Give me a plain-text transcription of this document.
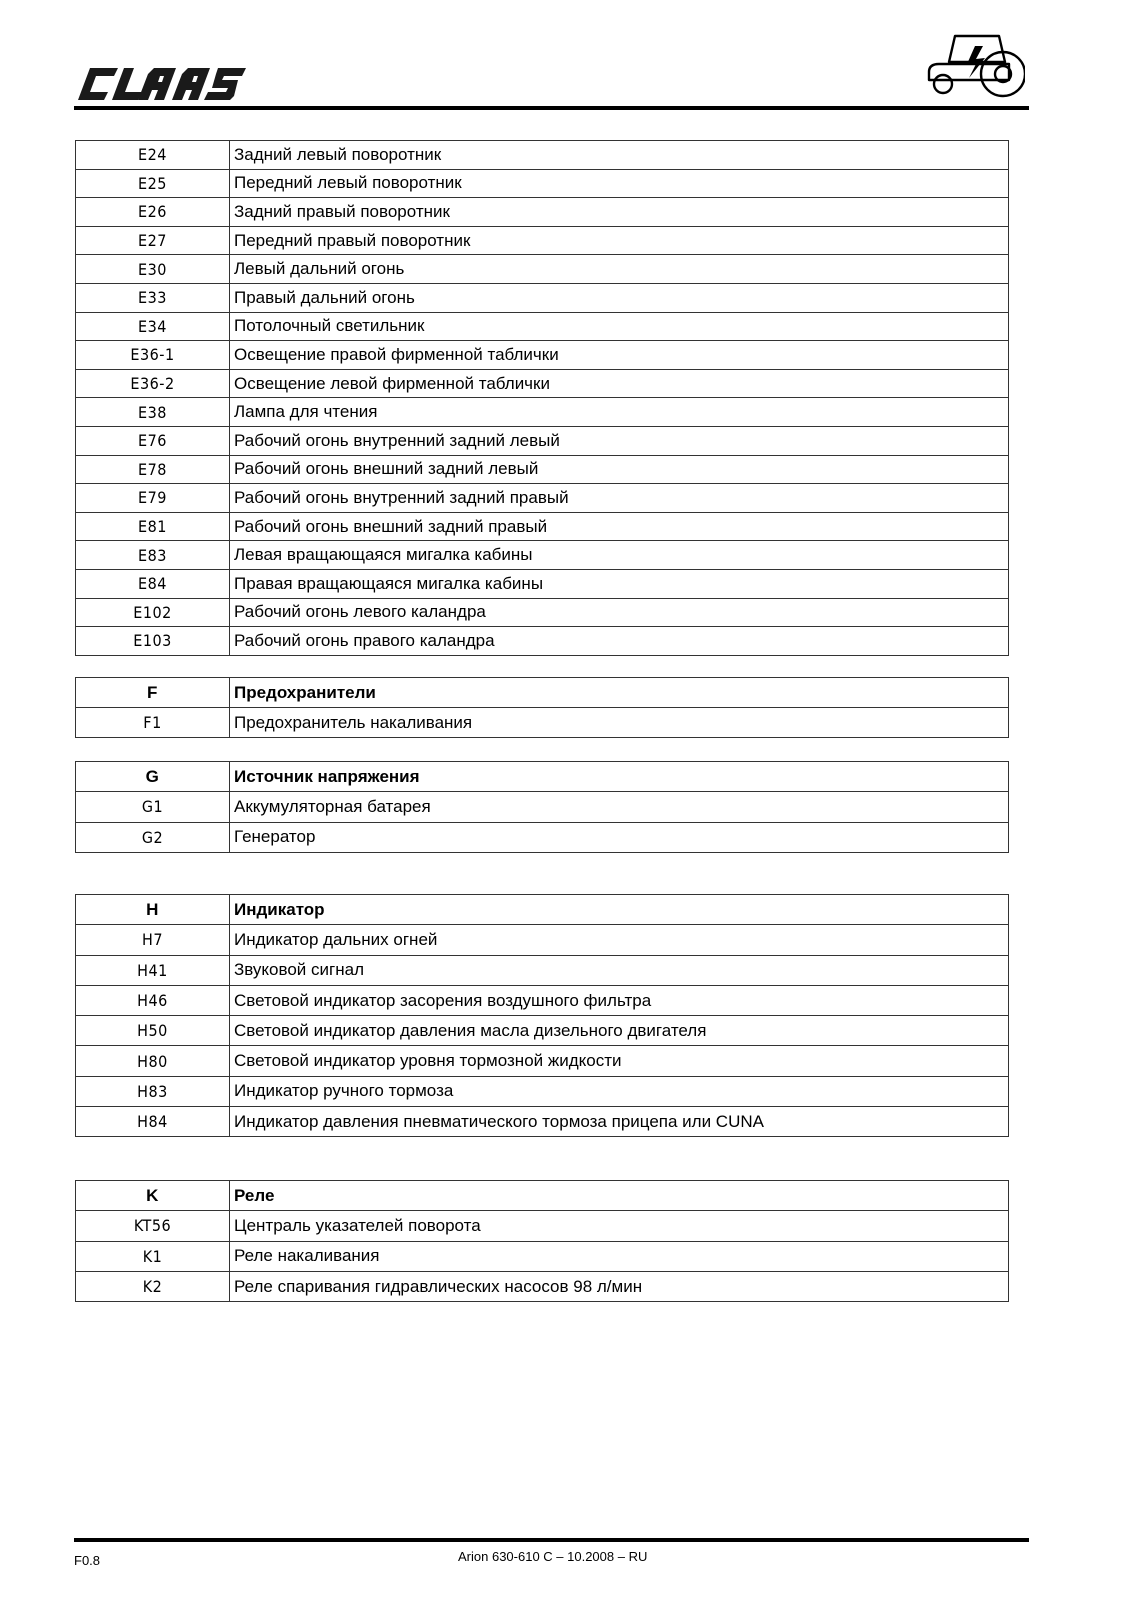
E24	Задний левый поворотник
E25	Передний левый поворотник
E26	Задний правый поворотник
E27	Передний правый поворотник
E30	Левый дальний огонь
E33	Правый дальний огонь
E34	Потолочный светильник
E36-1	Освещение правой фирменной таблички
E36-2	Освещение левой фирменной таблички
E38	Лампа для чтения
E76	Рабочий огонь внутренний задний левый
E78	Рабочий огонь внешний задний левый
E79	Рабочий огонь внутренний задний правый
E81	Рабочий огонь внешний задний правый
E83	Левая вращающаяся мигалка кабины
E84	Правая вращающаяся мигалка кабины
E102	Рабочий огонь левого каландра
E103	Рабочий огонь правого каландра
F	Предохранители
F1	Предохранитель накаливания
G	Источник напряжения
G1	Аккумуляторная батарея
G2	Генератор
H	Индикатор
H7	Индикатор дальних огней
H41	Звуковой сигнал
H46	Световой индикатор засорения воздушного фильтра
H50	Световой индикатор давления масла дизельного двигателя
H80	Световой индикатор уровня тормозной жидкости
H83	Индикатор ручного тормоза
H84	Индикатор давления пневматического тормоза прицепа или CUNA
K	Реле
KT56	Централь указателей поворота
K1	Реле накаливания
K2	Реле спаривания гидравлических насосов 98 л/мин
F0.8	Arion 630-610 C – 10.2008 – RU
